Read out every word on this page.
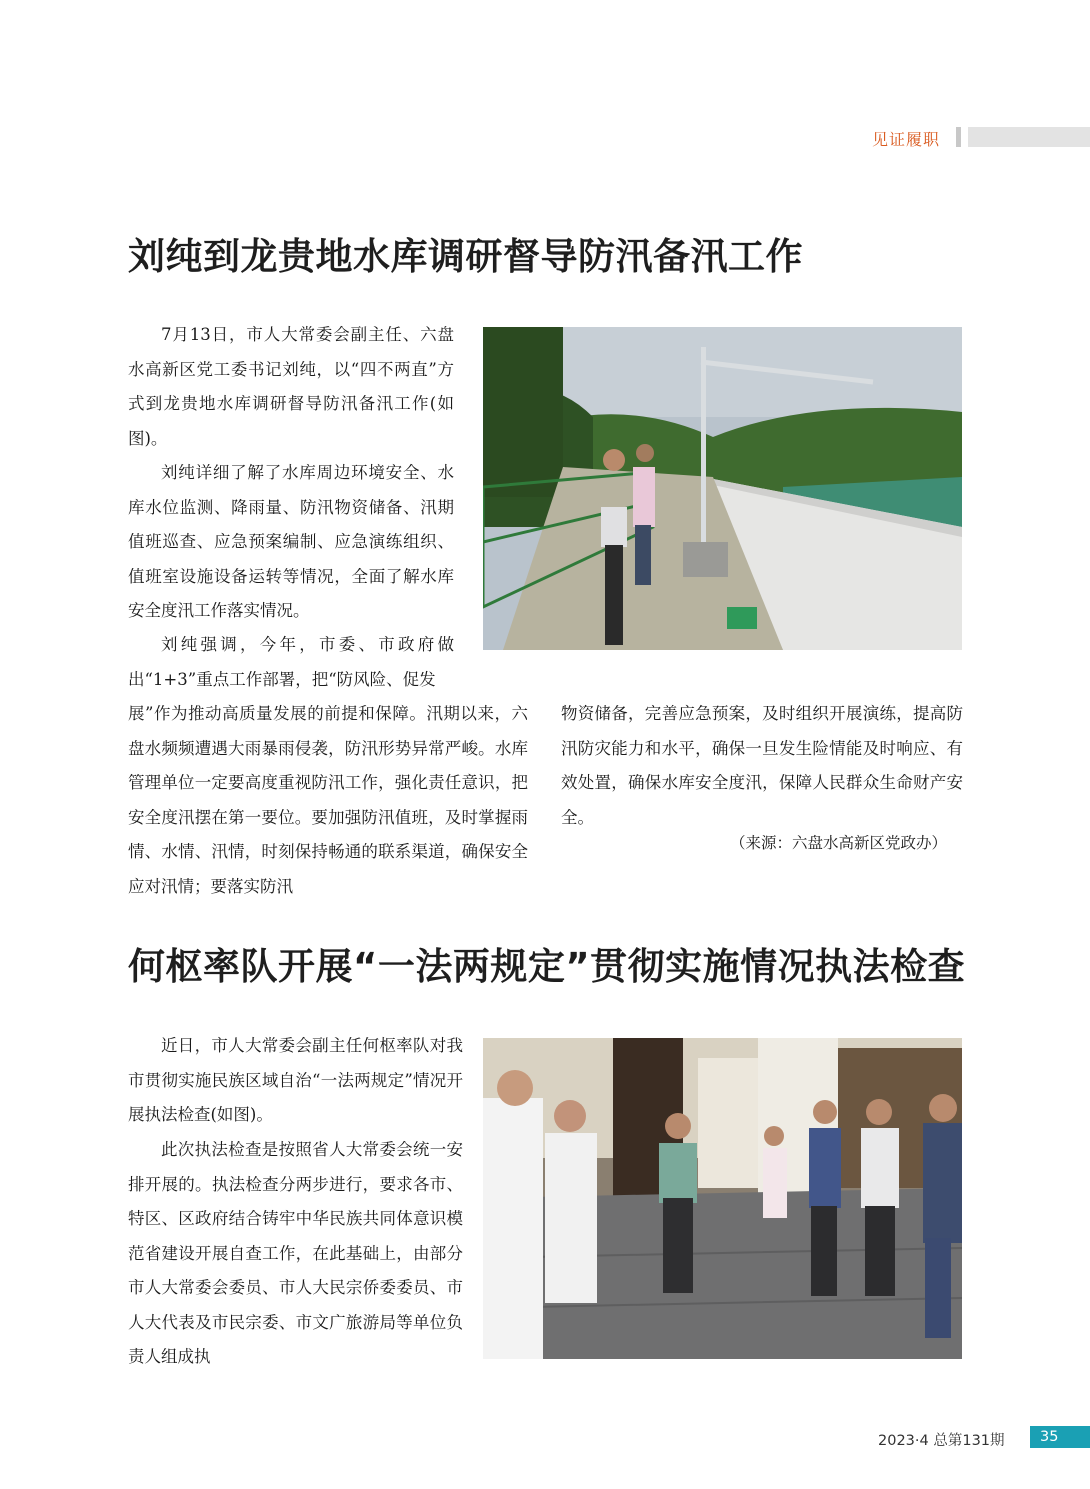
见证履职
刘纯到龙贵地水库调研督导防汛备汛工作

7月13日，市人大常委会副主任、六盘水高新区党工委书记刘纯，以“四不两直”方式到龙贵地水库调研督导防汛备汛工作(如图)。

刘纯详细了解了水库周边环境安全、水库水位监测、降雨量、防汛物资储备、汛期值班巡查、应急预案编制、应急演练组织、值班室设施设备运转等情况，全面了解水库安全度汛工作落实情况。

刘纯强调，今年，市委、市政府做出“1+3”重点工作部署，把“防风险、促发

展”作为推动高质量发展的前提和保障。汛期以来，六盘水频频遭遇大雨暴雨侵袭，防汛形势异常严峻。水库管理单位一定要高度重视防汛工作，强化责任意识，把安全度汛摆在第一要位。要加强防汛值班，及时掌握雨情、水情、汛情，时刻保持畅通的联系渠道，确保安全应对汛情；要落实防汛

物资储备，完善应急预案，及时组织开展演练，提高防汛防灾能力和水平，确保一旦发生险情能及时响应、有效处置，确保水库安全度汛，保障人民群众生命财产安全。

（来源：六盘水高新区党政办）
何枢率队开展“一法两规定”贯彻实施情况执法检查

近日，市人大常委会副主任何枢率队对我市贯彻实施民族区域自治“一法两规定”情况开展执法检查(如图)。

此次执法检查是按照省人大常委会统一安排开展的。执法检查分两步进行，要求各市、特区、区政府结合铸牢中华民族共同体意识模范省建设开展自查工作，在此基础上，由部分市人大常委会委员、市人大民宗侨委委员、市人大代表及市民宗委、市文广旅游局等单位负责人组成执

2023·4 总第131期	35
